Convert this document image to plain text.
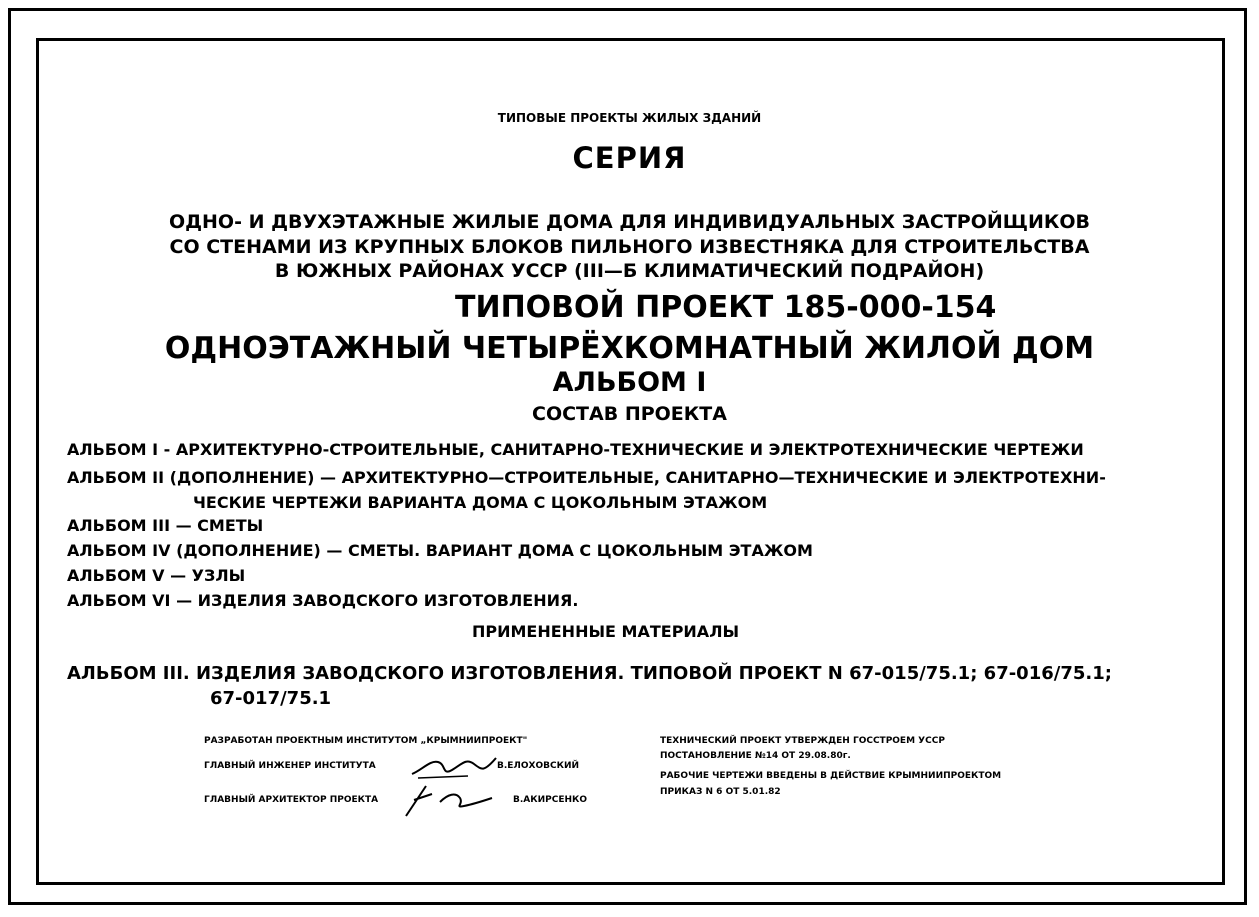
ТИПОВЫЕ ПРОЕКТЫ ЖИЛЫХ ЗДАНИЙ
СЕРИЯ
ОДНО- И ДВУХЭТАЖНЫЕ ЖИЛЫЕ ДОМА ДЛЯ ИНДИВИДУАЛЬНЫХ ЗАСТРОЙЩИКОВ
СО СТЕНАМИ ИЗ КРУПНЫХ БЛОКОВ ПИЛЬНОГО ИЗВЕСТНЯКА ДЛЯ СТРОИТЕЛЬСТВА
В ЮЖНЫХ РАЙОНАХ УССР (III—Б КЛИМАТИЧЕСКИЙ ПОДРАЙОН)
ТИПОВОЙ ПРОЕКТ 185-000-154
ОДНОЭТАЖНЫЙ ЧЕТЫРЁХКОМНАТНЫЙ ЖИЛОЙ ДОМ
АЛЬБОМ I
СОСТАВ ПРОЕКТА
АЛЬБОМ I - АРХИТЕКТУРНО-СТРОИТЕЛЬНЫЕ, САНИТАРНО-ТЕХНИЧЕСКИЕ И ЭЛЕКТРОТЕХНИЧЕСКИЕ ЧЕРТЕЖИ
АЛЬБОМ II (ДОПОЛНЕНИЕ) — АРХИТЕКТУРНО—СТРОИТЕЛЬНЫЕ, САНИТАРНО—ТЕХНИЧЕСКИЕ И ЭЛЕКТРОТЕХНИ-
ЧЕСКИЕ ЧЕРТЕЖИ ВАРИАНТА ДОМА С ЦОКОЛЬНЫМ ЭТАЖОМ
АЛЬБОМ III — СМЕТЫ
АЛЬБОМ IV (ДОПОЛНЕНИЕ) — СМЕТЫ. ВАРИАНТ ДОМА С ЦОКОЛЬНЫМ ЭТАЖОМ
АЛЬБОМ V — УЗЛЫ
АЛЬБОМ VI — ИЗДЕЛИЯ ЗАВОДСКОГО ИЗГОТОВЛЕНИЯ.
ПРИМЕНЕННЫЕ МАТЕРИАЛЫ
АЛЬБОМ III. ИЗДЕЛИЯ ЗАВОДСКОГО ИЗГОТОВЛЕНИЯ. ТИПОВОЙ ПРОЕКТ N 67-015/75.1; 67-016/75.1;
67-017/75.1
РАЗРАБОТАН ПРОЕКТНЫМ ИНСТИТУТОМ „КРЫМНИИПРОЕКТ"
ГЛАВНЫЙ ИНЖЕНЕР ИНСТИТУТА	В.ЕЛОХОВСКИЙ
ГЛАВНЫЙ АРХИТЕКТОР ПРОЕКТА	В.АКИРСЕНКО
ТЕХНИЧЕСКИЙ ПРОЕКТ УТВЕРЖДЕН ГОССТРОЕМ УССР
ПОСТАНОВЛЕНИЕ №14 ОТ 29.08.80г.
РАБОЧИЕ ЧЕРТЕЖИ ВВЕДЕНЫ В ДЕЙСТВИЕ КРЫМНИИПРОЕКТОМ
ПРИКАЗ N 6 ОТ 5.01.82
